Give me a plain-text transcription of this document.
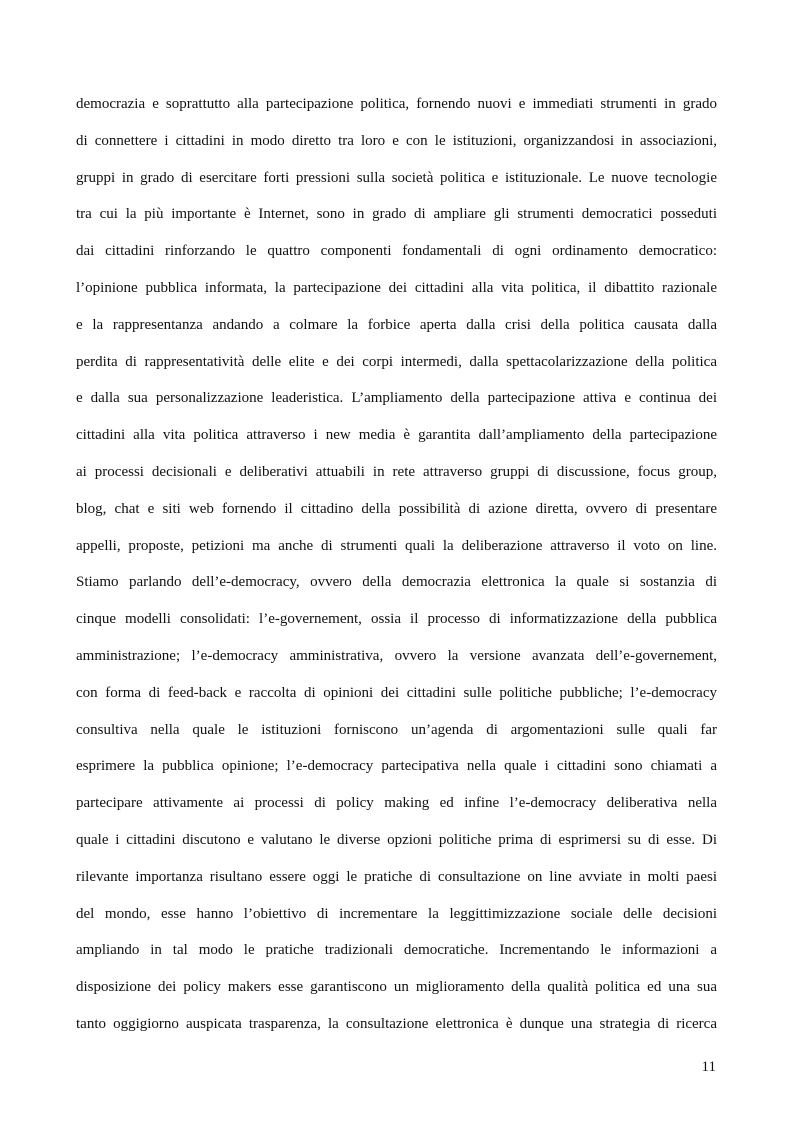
democrazia e soprattutto alla partecipazione politica, fornendo nuovi e immediati strumenti in grado
di connettere i cittadini in modo diretto tra loro e con le istituzioni, organizzandosi in associazioni,
gruppi in grado di esercitare forti pressioni sulla società politica e istituzionale. Le nuove tecnologie
tra cui la più importante è Internet, sono in grado di ampliare gli strumenti democratici posseduti
dai cittadini rinforzando le quattro componenti fondamentali di ogni ordinamento democratico:
l’opinione pubblica informata, la partecipazione dei cittadini alla vita politica, il dibattito razionale
e la rappresentanza andando a colmare la forbice aperta dalla crisi della politica causata dalla
perdita di rappresentatività delle elite e dei corpi intermedi, dalla spettacolarizzazione della politica
e dalla sua personalizzazione leaderistica. L’ampliamento della partecipazione attiva e continua dei
cittadini alla vita politica attraverso i new media è garantita dall’ampliamento della partecipazione
ai processi decisionali e deliberativi attuabili in rete attraverso gruppi di discussione, focus group,
blog, chat e siti web fornendo il cittadino della possibilità di azione diretta, ovvero di presentare
appelli, proposte, petizioni ma anche di strumenti quali la deliberazione attraverso il voto on line.
Stiamo parlando dell’e-democracy, ovvero della democrazia elettronica la quale si sostanzia di
cinque modelli consolidati: l’e-governement, ossia il processo di informatizzazione della pubblica
amministrazione; l’e-democracy amministrativa, ovvero la versione avanzata dell’e-governement,
con forma di feed-back e raccolta di opinioni dei cittadini sulle politiche pubbliche; l’e-democracy
consultiva nella quale le istituzioni forniscono un’agenda di argomentazioni sulle quali far
esprimere la pubblica opinione; l’e-democracy partecipativa nella quale i cittadini sono chiamati a
partecipare attivamente ai processi di policy making ed infine l’e-democracy deliberativa nella
quale i cittadini discutono e valutano le diverse opzioni politiche prima di esprimersi su di esse. Di
rilevante importanza risultano essere oggi le pratiche di consultazione on line avviate in molti paesi
del mondo, esse hanno l’obiettivo di incrementare la leggittimizzazione sociale delle decisioni
ampliando in tal modo le pratiche tradizionali democratiche. Incrementando le informazioni a
disposizione dei policy makers esse garantiscono un miglioramento della qualità politica ed una sua
tanto oggigiorno auspicata trasparenza, la consultazione elettronica è dunque una strategia di ricerca

11
